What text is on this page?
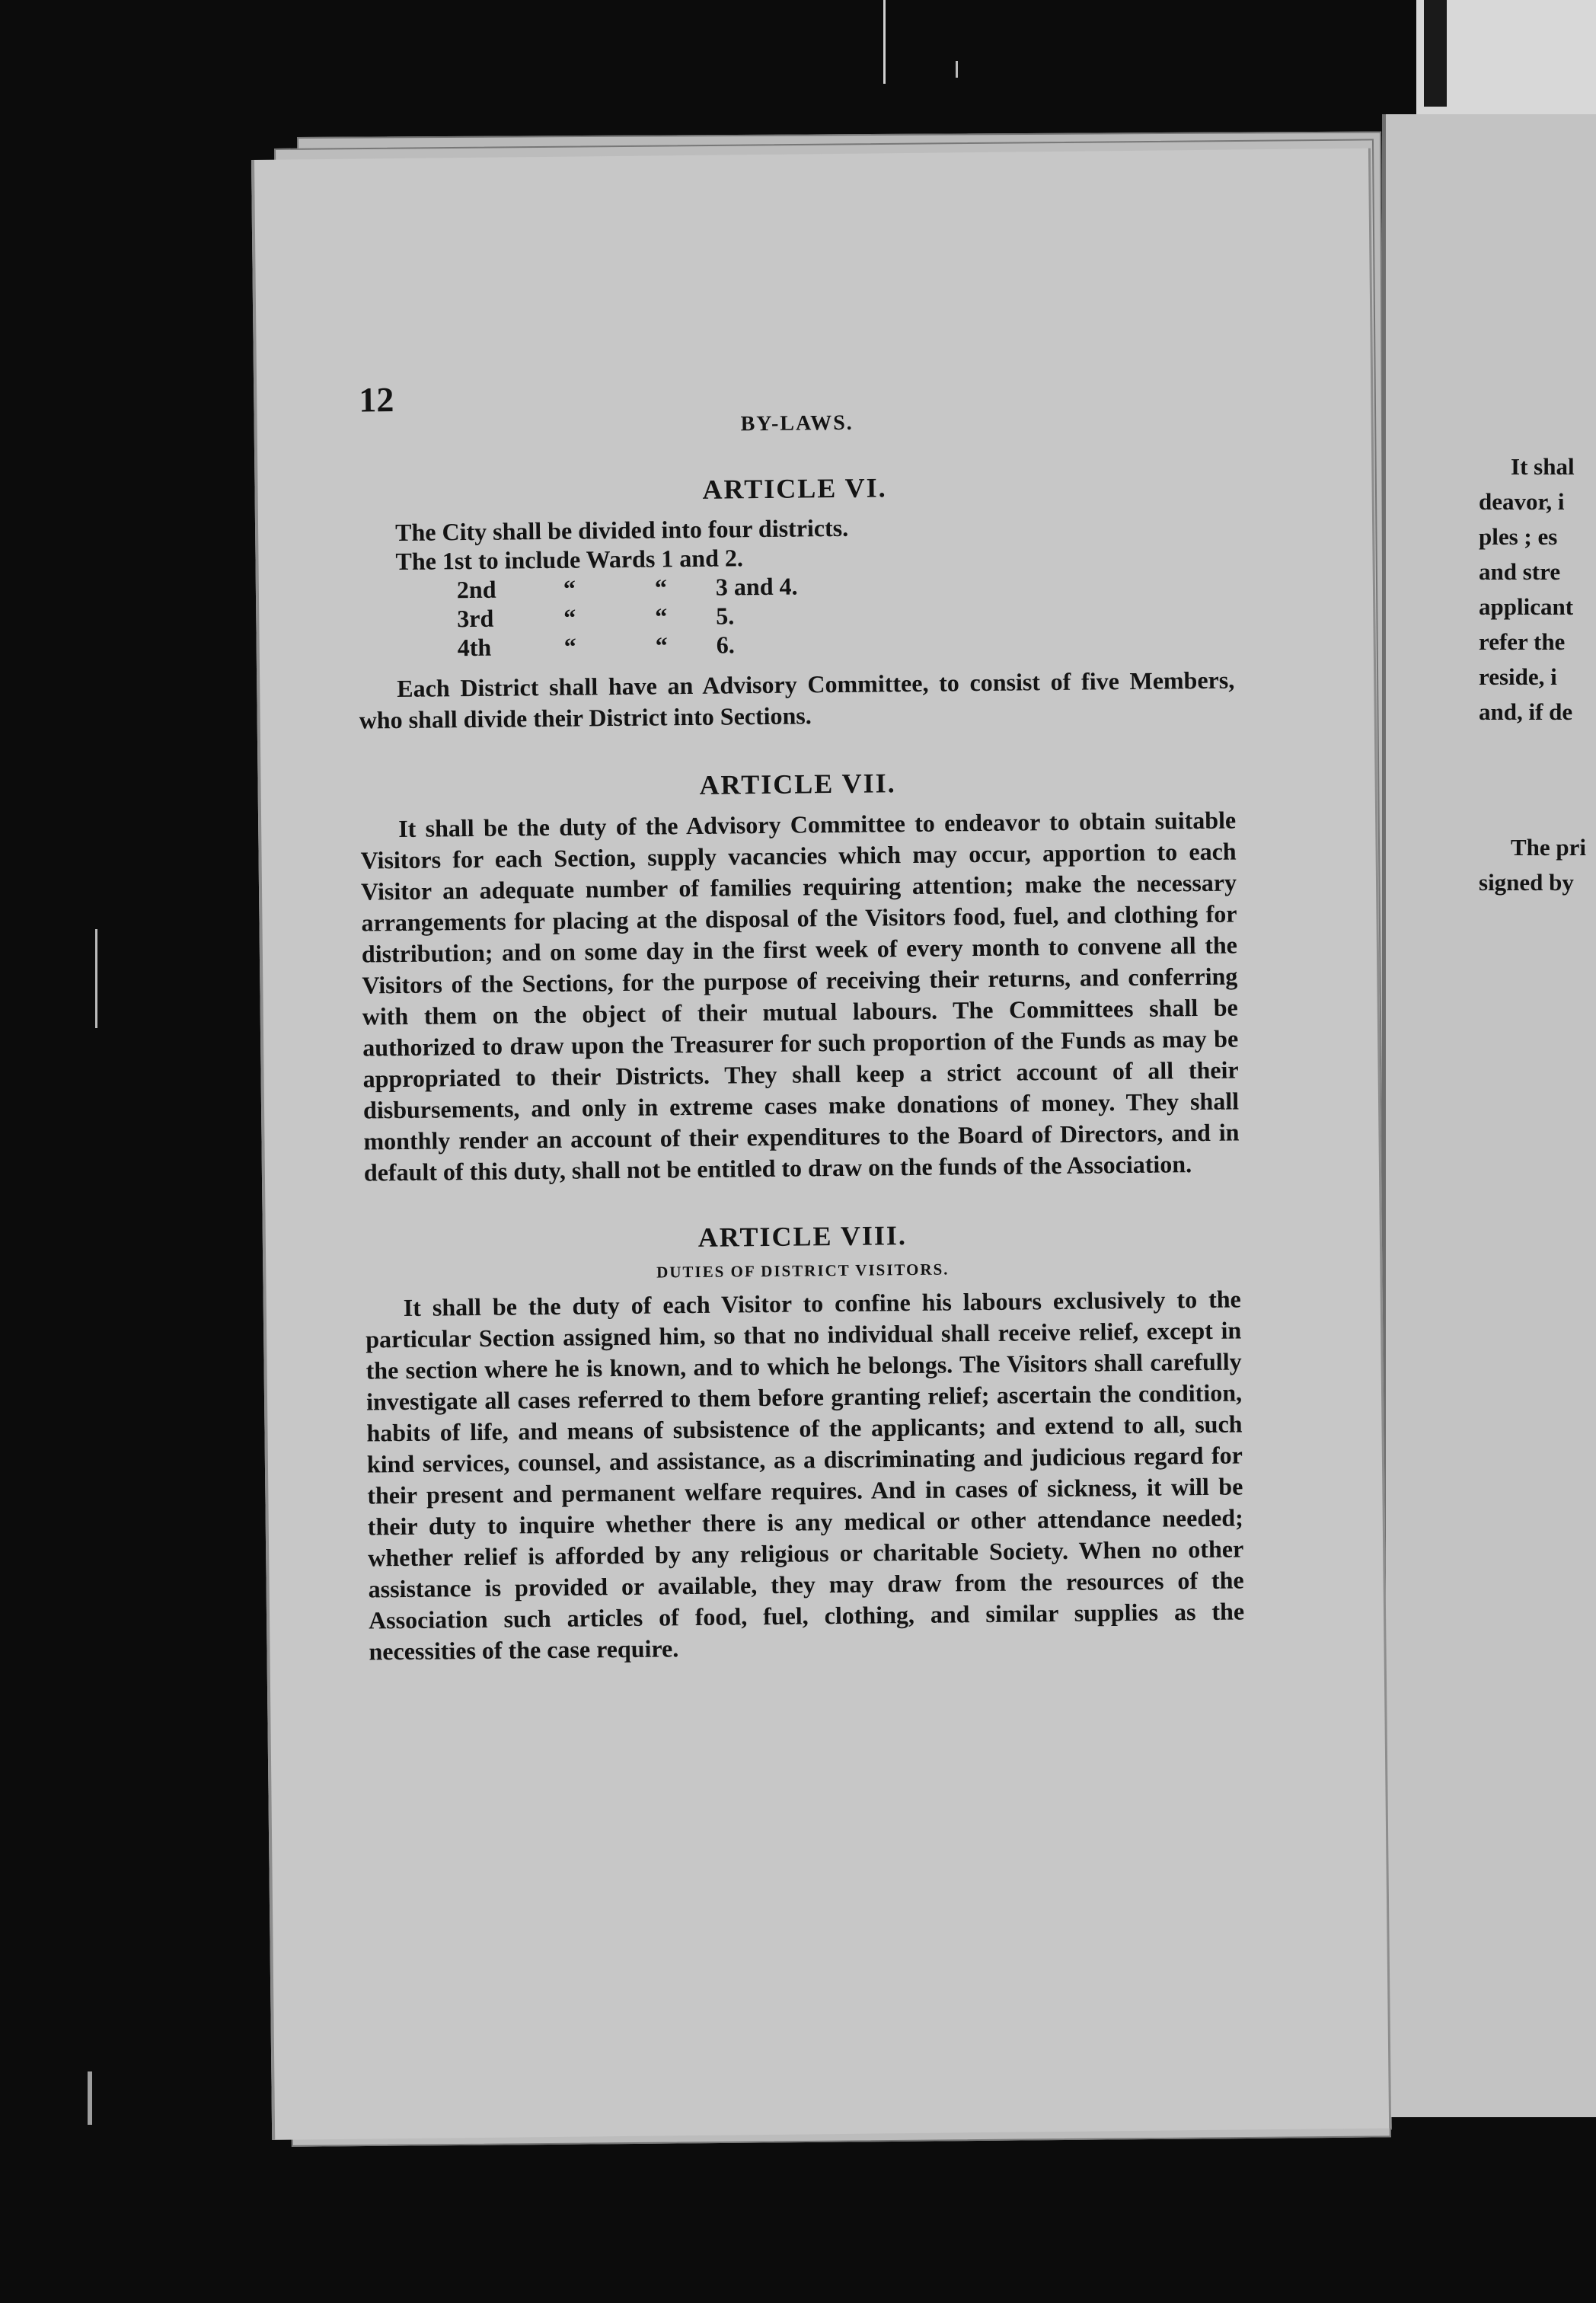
It shal
deavor, i
ples ; es
and stre
applicant
refer the
reside, i
and, if de
The pri
signed by
12
BY-LAWS.
ARTICLE VI.
The City shall be divided into four districts.
The 1st to include Wards 1 and 2.
2nd	“	“	3 and 4.
3rd	“	“	5.
4th	“	“	6.

Each District shall have an Advisory Committee, to consist of five Members, who shall divide their District into Sections.

ARTICLE VII.

It shall be the duty of the Advisory Committee to endeavor to obtain suitable Visitors for each Section, supply vacancies which may occur, apportion to each Visitor an adequate number of families requiring attention; make the necessary arrangements for placing at the disposal of the Visitors food, fuel, and clothing for distribution; and on some day in the first week of every month to convene all the Visitors of the Sections, for the purpose of receiving their returns, and conferring with them on the object of their mutual labours. The Committees shall be authorized to draw upon the Treasurer for such proportion of the Funds as may be appropriated to their Districts. They shall keep a strict account of all their disbursements, and only in extreme cases make donations of money. They shall monthly render an account of their expenditures to the Board of Directors, and in default of this duty, shall not be entitled to draw on the funds of the Association.

ARTICLE VIII.
DUTIES OF DISTRICT VISITORS.

It shall be the duty of each Visitor to confine his labours exclusively to the particular Section assigned him, so that no individual shall receive relief, except in the section where he is known, and to which he belongs. The Visitors shall carefully investigate all cases referred to them before granting relief; ascertain the condition, habits of life, and means of subsistence of the applicants; and extend to all, such kind services, counsel, and assistance, as a discriminating and judicious regard for their present and permanent welfare requires. And in cases of sickness, it will be their duty to inquire whether there is any medical or other attendance needed; whether relief is afforded by any religious or charitable Society. When no other assistance is provided or available, they may draw from the resources of the Association such articles of food, fuel, clothing, and similar supplies as the necessities of the case require.
